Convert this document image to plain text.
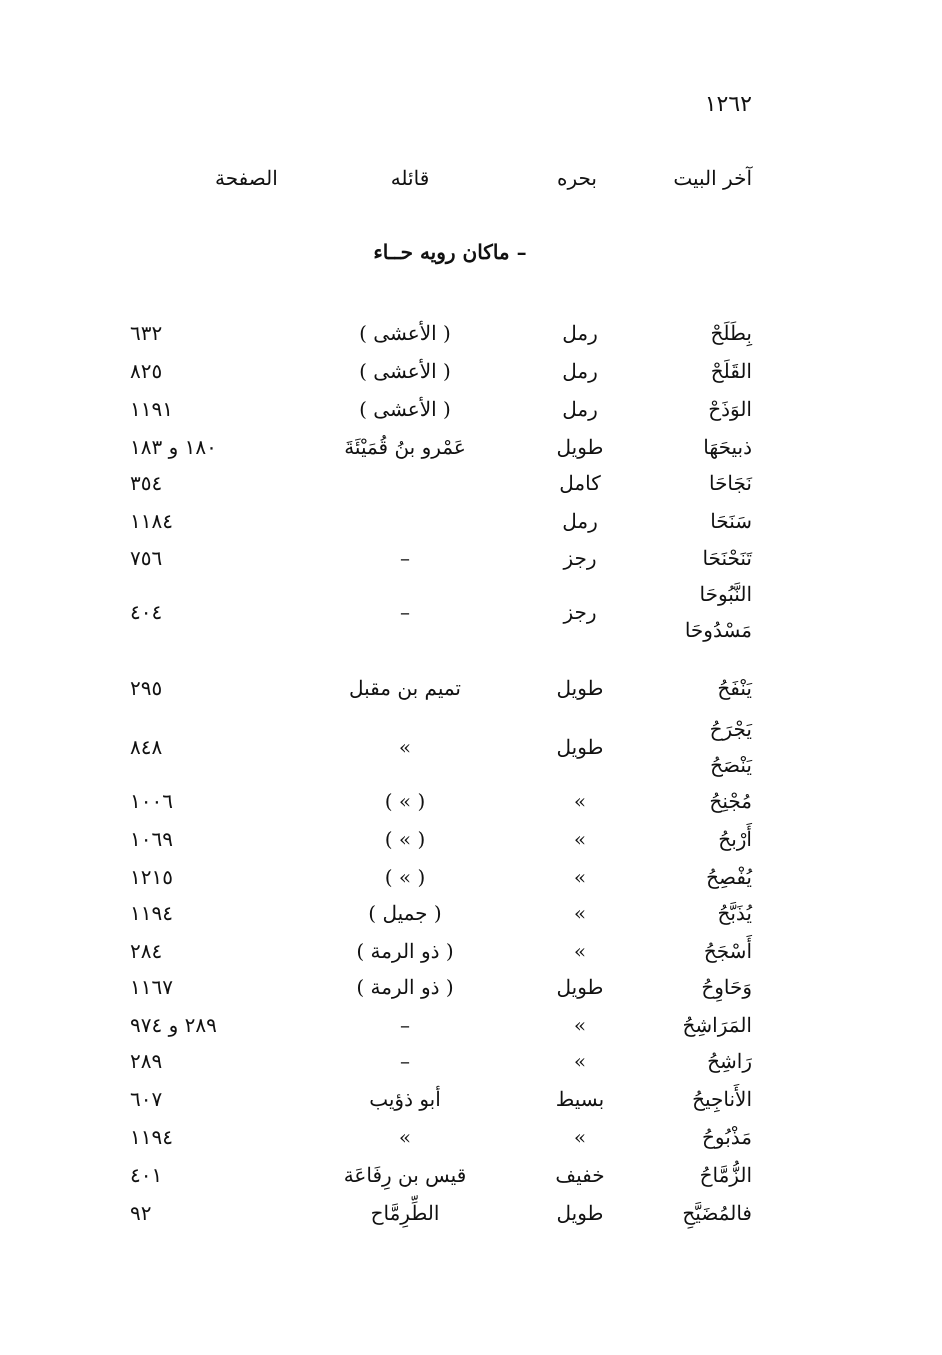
١٢٦٢
آخر البيت
بحره
قائله
الصفحة
– ماكان رويه حــاء
بِطَلَحْ
رمل
( الأعشى )
٦٣٢
القَلَحْ
رمل
( الأعشى )
٨٢٥
الوَذَحْ
رمل
( الأعشى )
١١٩١
ذبيحَهَا
طويل
عَمْرو بنُ قُمَيْئَةَ
١٨٠ و ١٨٣
نَجَاحَا
كامل
٣٥٤
سَنَحَا
رمل
١١٨٤
تَنَحْنَحَا
رجز
–
٧٥٦
النَّبُوحَا
مَسْدُوحَا
رجز
–
٤٠٤
يَنْفَحُ
طويل
تميم بن مقبل
٢٩٥
يَجْرَحُ
يَنْصَحُ
طويل
»
٨٤٨
مُجْنِحُ
»
( » )
١٠٠٦
أَرْبحُ
»
( » )
١٠٦٩
يُفْصِحُ
»
( » )
١٢١٥
يُذَبَّحُ
»
( جميل )
١١٩٤
أَسْجَحُ
»
( ذو الرمة )
٢٨٤
وَحَاوِحُ
طويل
( ذو الرمة )
١١٦٧
المَرَاشِحُ
»
–
٢٨٩ و ٩٧٤
رَاشِحُ
»
–
٢٨٩
الأَناجِيحُ
بسيط
أبو ذؤيب
٦٠٧
مَذْبُوحُ
»
»
١١٩٤
الزُّمَّاحُ
خفيف
قيس بن رِفَاعَة
٤٠١
فالمُضَيَّحِ
طويل
الطِّرِمَّاح
٩٢
